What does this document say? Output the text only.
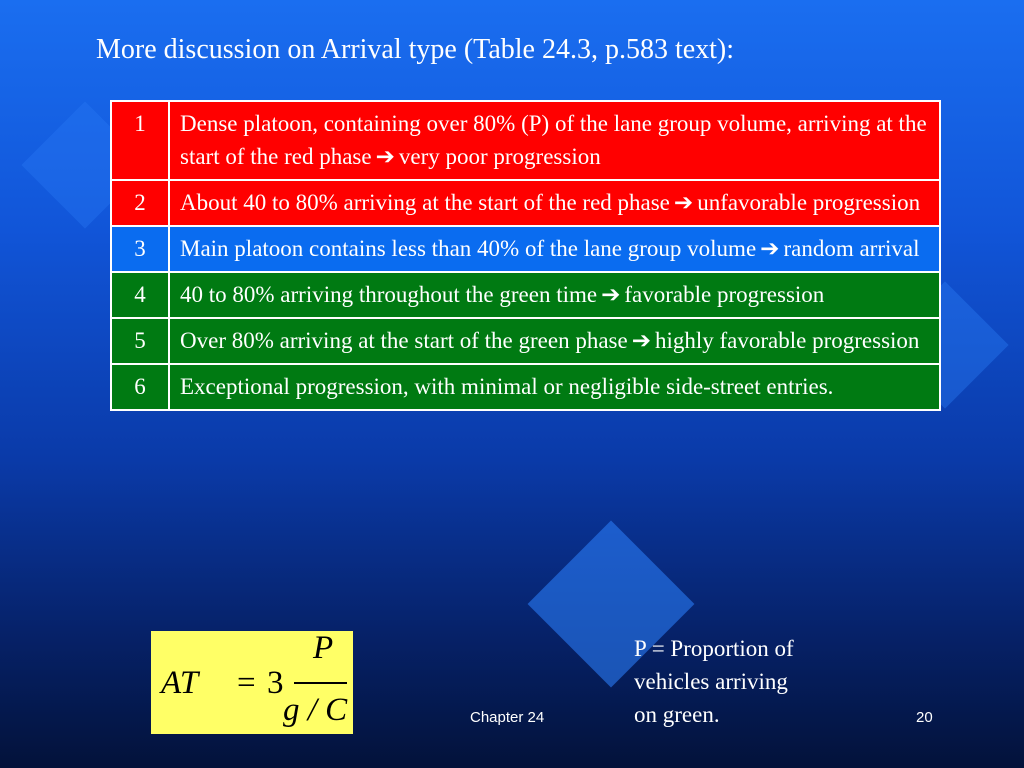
More discussion on Arrival type (Table 24.3, p.583 text):
1	Dense platoon, containing over 80% (P) of the lane group volume, arriving at the start of the red phase ➔ very poor progression
2	About 40 to 80% arriving at the start of the red phase ➔ unfavorable progression
3	Main platoon contains less than 40% of the lane group volume ➔ random arrival
4	40 to 80% arriving throughout the green time ➔ favorable progression
5	Over 80% arriving at the start of the green phase ➔ highly favorable progression
6	Exceptional progression, with minimal or negligible side-street entries.
AT = 3
P
g / C
P = Proportion of
vehicles arriving
on green.
Chapter 24	20
